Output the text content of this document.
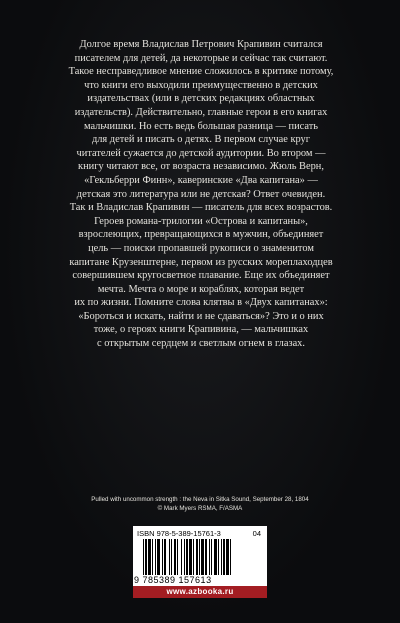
Долгое время Владислав Петрович Крапивин считался
писателем для детей, да некоторые и сейчас так считают.
Такое несправедливое мнение сложилось в критике потому,
что книги его выходили преимущественно в детских
издательствах (или в детских редакциях областных
издательств). Действительно, главные герои в его книгах
мальчишки. Но есть ведь большая разница — писать
для детей и писать о детях. В первом случае круг
читателей сужается до детской аудитории. Во втором —
книгу читают все, от возраста независимо. Жюль Верн,
«Гекльберри Финн», каверинские «Два капитана» —
детская это литература или не детская? Ответ очевиден.
Так и Владислав Крапивин — писатель для всех возрастов.
Героев романа-трилогии «Острова и капитаны»,
взрослеющих, превращающихся в мужчин, объединяет
цель — поиски пропавшей рукописи о знаменитом
капитане Крузенштерне, первом из русских мореплаходцев
совершившем кругосветное плавание. Еще их объединяет
мечта. Мечта о море и кораблях, которая ведет
их по жизни. Помните слова клятвы в «Двух капитанах»:
«Бороться и искать, найти и не сдаваться»? Это и о них
тоже, о героях книги Крапивина, — мальчишках
с открытым сердцем и светлым огнем в глазах.

Pulled with uncommon strength : the Neva in Sitka Sound, September 28, 1804
© Mark Myers RSMA, F/ASMA
ISBN 978-5-389-15761-3	04
9 785389 157613
www.azbooka.ru
